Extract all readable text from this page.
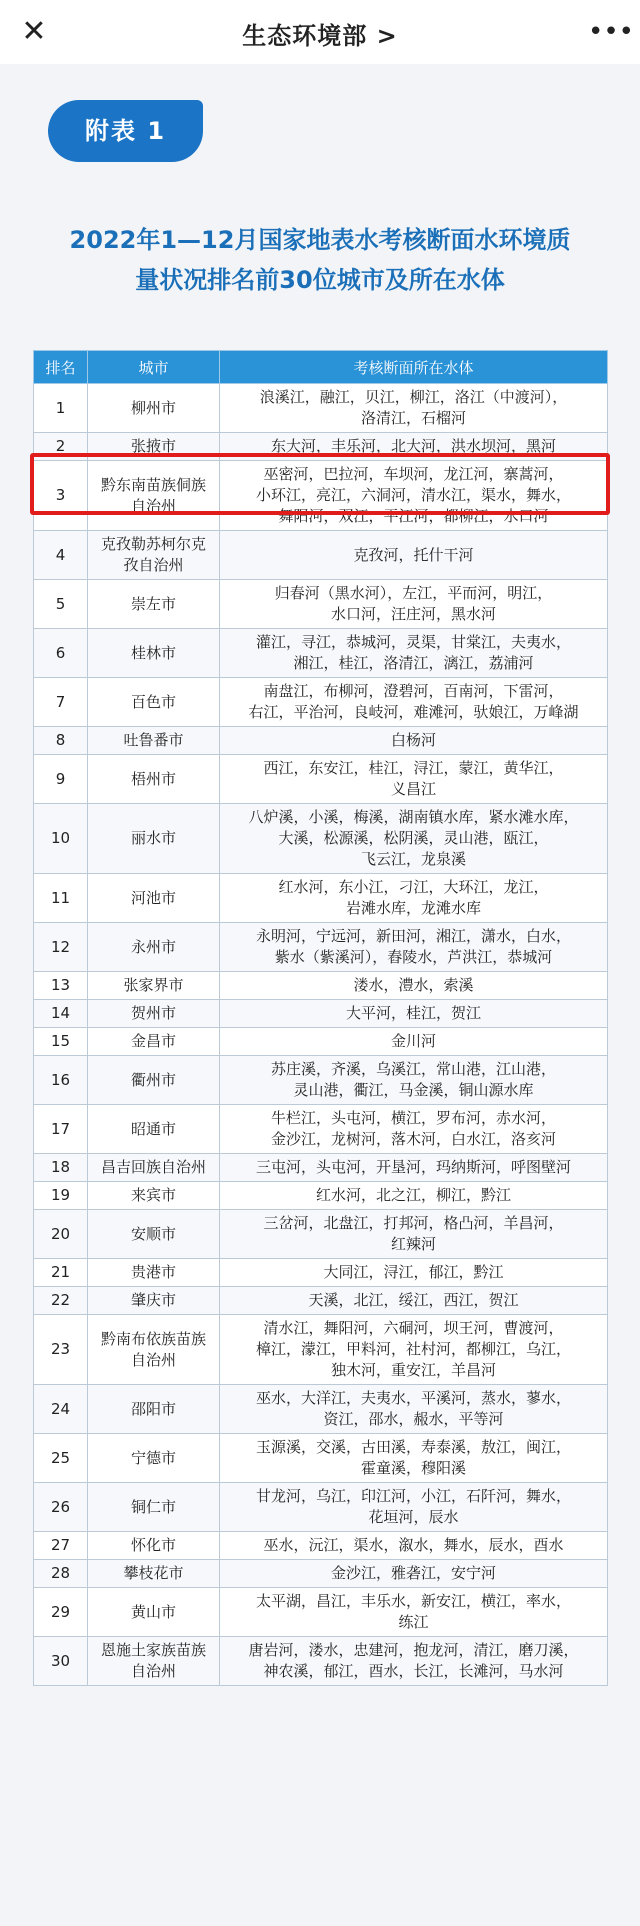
✕	生态环境部 >	•••
附表 1
2022年1—12月国家地表水考核断面水环境质
量状况排名前30位城市及所在水体
排名	城市	考核断面所在水体
1	柳州市	浪溪江，融江，贝江，柳江，洛江（中渡河），
洛清江，石榴河
2	张掖市	东大河，丰乐河，北大河，洪水坝河，黑河
3	黔东南苗族侗族
自治州	巫密河，巴拉河，车坝河，龙江河，寨蒿河，
小环江，亮江，六洞河，清水江，渠水，舞水，
舞阳河，双江，平江河，都柳江，水口河
4	克孜勒苏柯尔克
孜自治州	克孜河，托什干河
5	崇左市	归春河（黑水河），左江，平而河，明江，
水口河，汪庄河，黑水河
6	桂林市	灌江，寻江，恭城河，灵渠，甘棠江，夫夷水，
湘江，桂江，洛清江，漓江，荔浦河
7	百色市	南盘江，布柳河，澄碧河，百南河，下雷河，
右江，平治河，良岐河，难滩河，驮娘江，万峰湖
8	吐鲁番市	白杨河
9	梧州市	西江，东安江，桂江，浔江，蒙江，黄华江，
义昌江
10	丽水市	八炉溪，小溪，梅溪，湖南镇水库，紧水滩水库，
大溪，松源溪，松阴溪，灵山港，瓯江，
飞云江，龙泉溪
11	河池市	红水河，东小江，刁江，大环江，龙江，
岩滩水库，龙滩水库
12	永州市	永明河，宁远河，新田河，湘江，潇水，白水，
紫水（紫溪河），舂陵水，芦洪江，恭城河
13	张家界市	溇水，澧水，索溪
14	贺州市	大平河，桂江，贺江
15	金昌市	金川河
16	衢州市	苏庄溪，齐溪，乌溪江，常山港，江山港，
灵山港，衢江，马金溪，铜山源水库
17	昭通市	牛栏江，头屯河，横江，罗布河，赤水河，
金沙江，龙树河，落木河，白水江，洛亥河
18	昌吉回族自治州	三屯河，头屯河，开垦河，玛纳斯河，呼图壁河
19	来宾市	红水河，北之江，柳江，黔江
20	安顺市	三岔河，北盘江，打邦河，格凸河，羊昌河，
红辣河
21	贵港市	大同江，浔江，郁江，黔江
22	肇庆市	天溪，北江，绥江，西江，贺江
23	黔南布依族苗族
自治州	清水江，舞阳河，六硐河，坝王河，曹渡河，
樟江，濛江，甲料河，社村河，都柳江，乌江，
独木河，重安江，羊昌河
24	邵阳市	巫水，大洋江，夫夷水，平溪河，蒸水，蓼水，
资江，邵水，赧水，平等河
25	宁德市	玉源溪，交溪，古田溪，寿泰溪，敖江，闽江，
霍童溪，穆阳溪
26	铜仁市	甘龙河，乌江，印江河，小江，石阡河，舞水，
花垣河，辰水
27	怀化市	巫水，沅江，渠水，溆水，舞水，辰水，酉水
28	攀枝花市	金沙江，雅砻江，安宁河
29	黄山市	太平湖，昌江，丰乐水，新安江，横江，率水，
练江
30	恩施土家族苗族
自治州	唐岩河，溇水，忠建河，抱龙河，清江，磨刀溪，
神农溪，郁江，酉水，长江，长滩河，马水河
